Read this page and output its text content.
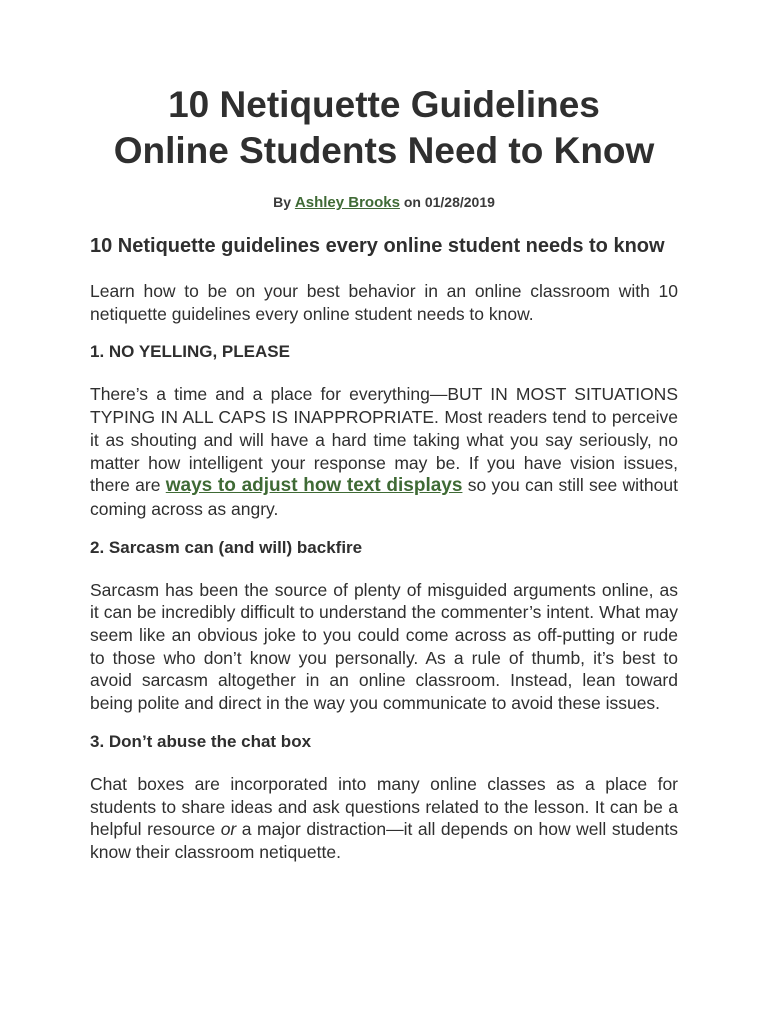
10 Netiquette Guidelines
Online Students Need to Know
By Ashley Brooks on 01/28/2019
10 Netiquette guidelines every online student needs to know

Learn how to be on your best behavior in an online classroom with 10 netiquette guidelines every online student needs to know.

1. NO YELLING, PLEASE

There’s a time and a place for everything—BUT IN MOST SITUATIONS TYPING IN ALL CAPS IS INAPPROPRIATE. Most readers tend to perceive it as shouting and will have a hard time taking what you say seriously, no matter how intelligent your response may be. If you have vision issues, there are ways to adjust how text displays so you can still see without coming across as angry.

2. Sarcasm can (and will) backfire

Sarcasm has been the source of plenty of misguided arguments online, as it can be incredibly difficult to understand the commenter’s intent. What may seem like an obvious joke to you could come across as off-putting or rude to those who don’t know you personally. As a rule of thumb, it’s best to avoid sarcasm altogether in an online classroom. Instead, lean toward being polite and direct in the way you communicate to avoid these issues.

3. Don’t abuse the chat box

Chat boxes are incorporated into many online classes as a place for students to share ideas and ask questions related to the lesson. It can be a helpful resource or a major distraction—it all depends on how well students know their classroom netiquette.
